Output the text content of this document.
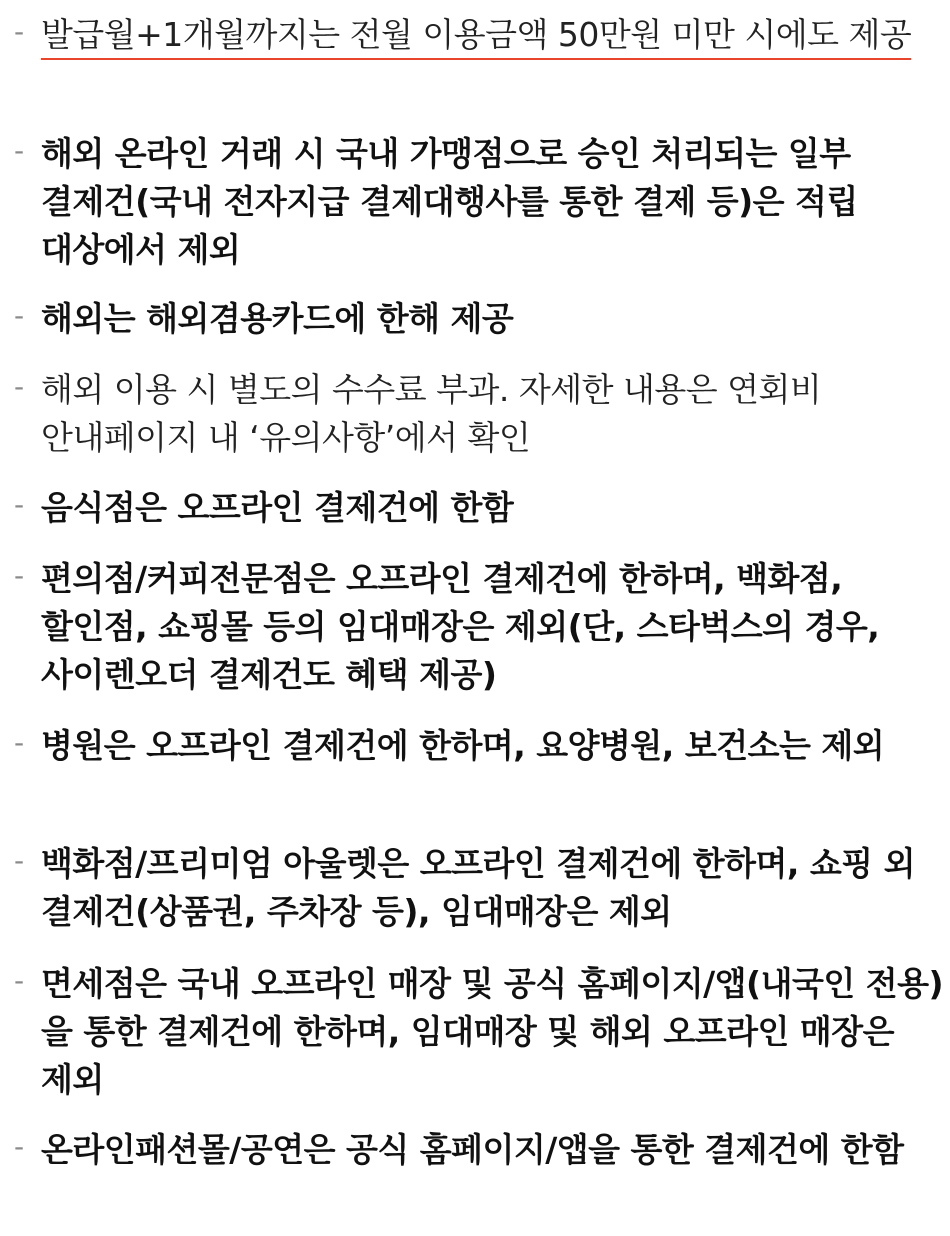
- 발급월+1개월까지는 전월 이용금액 50만원 미만 시에도 제공
- 해외 온라인 거래 시 국내 가맹점으로 승인 처리되는 일부 결제건(국내 전자지급 결제대행사를 통한 결제 등)은 적립 대상에서 제외
- 해외는 해외겸용카드에 한해 제공
- 해외 이용 시 별도의 수수료 부과. 자세한 내용은 연회비 안내페이지 내 ‘유의사항’에서 확인
- 음식점은 오프라인 결제건에 한함
- 편의점/커피전문점은 오프라인 결제건에 한하며, 백화점, 할인점, 쇼핑몰 등의 임대매장은 제외(단, 스타벅스의 경우, 사이렌오더 결제건도 혜택 제공)
- 병원은 오프라인 결제건에 한하며, 요양병원, 보건소는 제외
- 백화점/프리미엄 아울렛은 오프라인 결제건에 한하며, 쇼핑 외 결제건(상품권, 주차장 등), 임대매장은 제외
- 면세점은 국내 오프라인 매장 및 공식 홈페이지/앱(내국인 전용)을 통한 결제건에 한하며, 임대매장 및 해외 오프라인 매장은 제외
- 온라인패션몰/공연은 공식 홈페이지/앱을 통한 결제건에 한함
